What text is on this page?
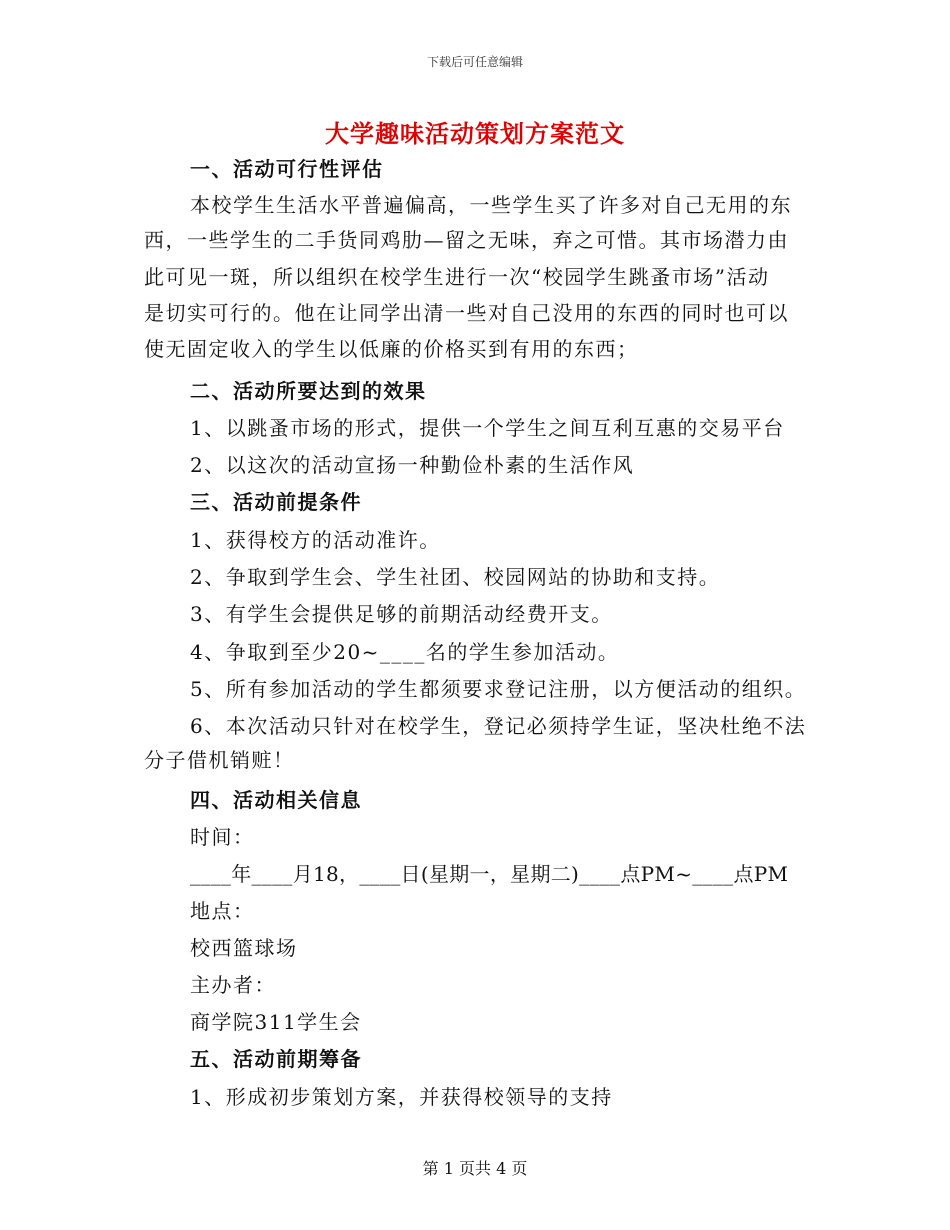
下载后可任意编辑
大学趣味活动策划方案范文
一、活动可行性评估
本校学生生活水平普遍偏高，一些学生买了许多对自己无用的东
西，一些学生的二手货同鸡肋—留之无味，弃之可惜。其市场潜力由
此可见一斑，所以组织在校学生进行一次“校园学生跳蚤市场”活动
是切实可行的。他在让同学出清一些对自己没用的东西的同时也可以
使无固定收入的学生以低廉的价格买到有用的东西；
二、活动所要达到的效果
1、以跳蚤市场的形式，提供一个学生之间互利互惠的交易平台
2、以这次的活动宣扬一种勤俭朴素的生活作风
三、活动前提条件
1、获得校方的活动准许。
2、争取到学生会、学生社团、校园网站的协助和支持。
3、有学生会提供足够的前期活动经费开支。
4、争取到至少20~____名的学生参加活动。
5、所有参加活动的学生都须要求登记注册，以方便活动的组织。
6、本次活动只针对在校学生，登记必须持学生证，坚决杜绝不法
分子借机销赃！
四、活动相关信息
时间：
____年____月18，____日(星期一，星期二)____点PM~____点PM
地点：
校西篮球场
主办者：
商学院311学生会
五、活动前期筹备
1、形成初步策划方案，并获得校领导的支持
第 1 页共 4 页
